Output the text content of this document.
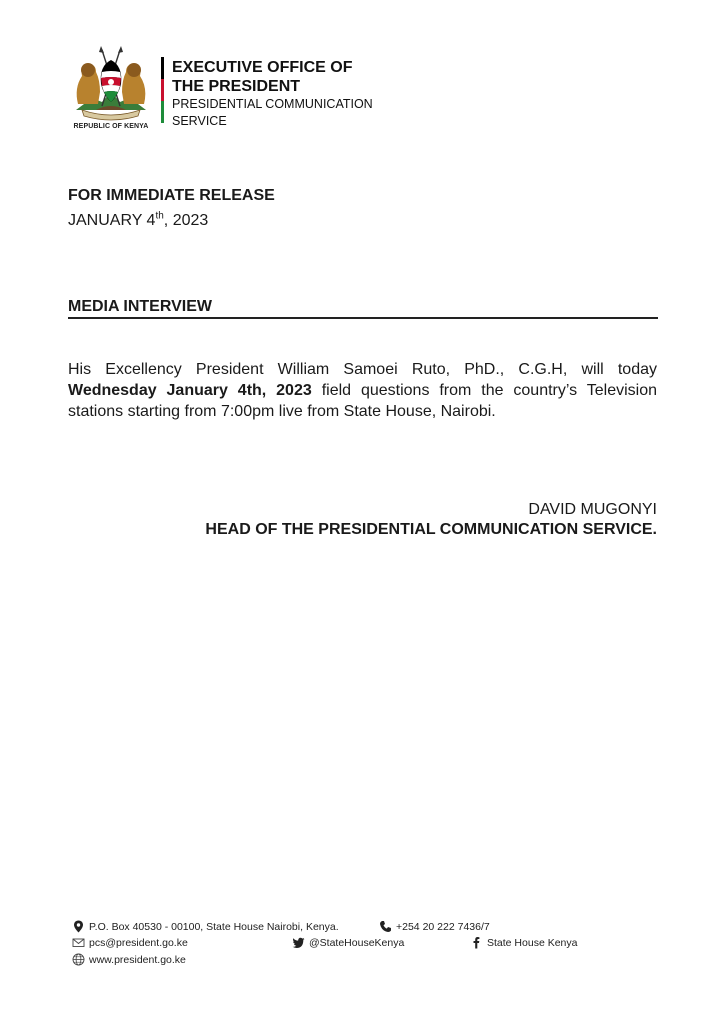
REPUBLIC OF KENYA
EXECUTIVE OFFICE OF
THE PRESIDENT
PRESIDENTIAL COMMUNICATION
SERVICE
FOR IMMEDIATE RELEASE
JANUARY 4th, 2023
MEDIA INTERVIEW
His Excellency President William Samoei Ruto, PhD., C.G.H, will today Wednesday January 4th, 2023 field questions from the country’s Television stations starting from 7:00pm live from State House, Nairobi.
DAVID MUGONYI
HEAD OF THE PRESIDENTIAL COMMUNICATION SERVICE.
P.O. Box 40530 - 00100, State House Nairobi, Kenya.	+254 20 222 7436/7
pcs@president.go.ke	@StateHouseKenya	State House Kenya
www.president.go.ke
